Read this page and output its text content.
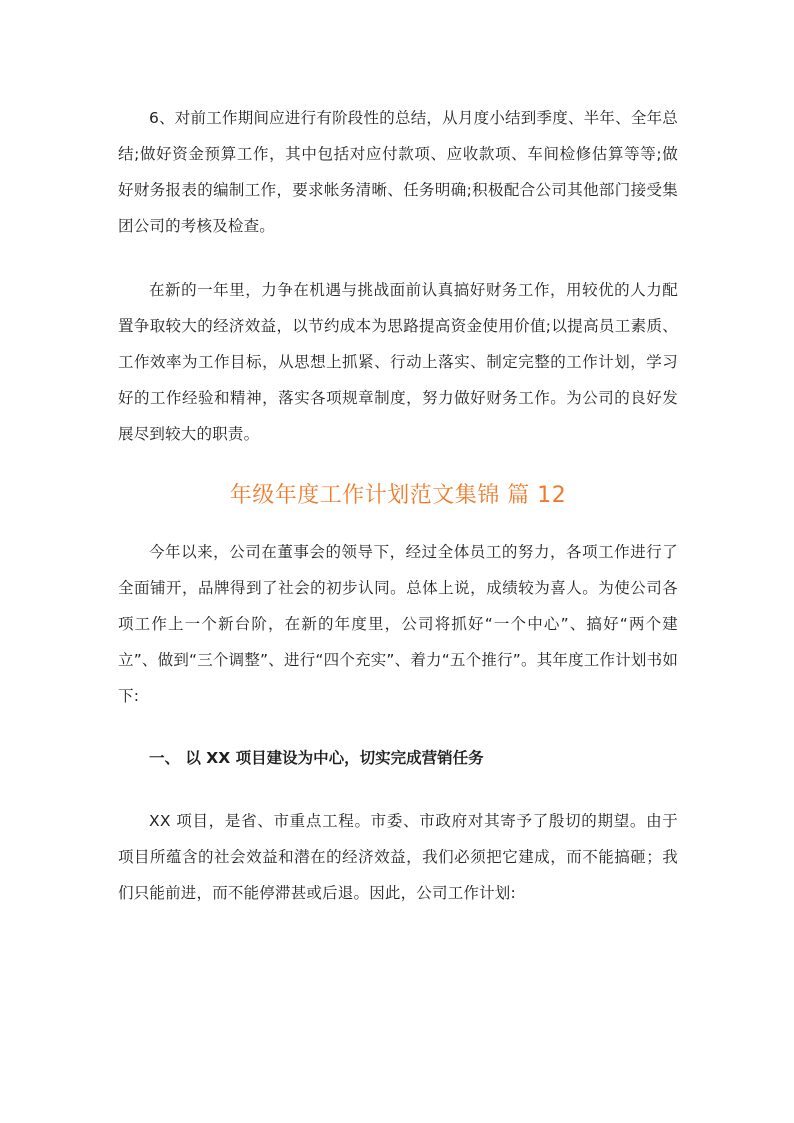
6、对前工作期间应进行有阶段性的总结，从月度小结到季度、半年、全年总结;做好资金预算工作，其中包括对应付款项、应收款项、车间检修估算等等;做好财务报表的编制工作，要求帐务清晰、任务明确;积极配合公司其他部门接受集团公司的考核及检查。

在新的一年里，力争在机遇与挑战面前认真搞好财务工作，用较优的人力配置争取较大的经济效益，以节约成本为思路提高资金使用价值;以提高员工素质、工作效率为工作目标，从思想上抓紧、行动上落实、制定完整的工作计划，学习好的工作经验和精神，落实各项规章制度，努力做好财务工作。为公司的良好发展尽到较大的职责。

年级年度工作计划范文集锦 篇 12

今年以来，公司在董事会的领导下，经过全体员工的努力，各项工作进行了全面铺开，品牌得到了社会的初步认同。总体上说，成绩较为喜人。为使公司各项工作上一个新台阶，在新的年度里，公司将抓好“一个中心”、搞好“两个建立”、做到“三个调整”、进行“四个充实”、着力“五个推行”。其年度工作计划书如下:

一、 以 XX 项目建设为中心，切实完成营销任务

XX 项目，是省、市重点工程。市委、市政府对其寄予了殷切的期望。由于项目所蕴含的社会效益和潜在的经济效益，我们必须把它建成，而不能搞砸；我们只能前进，而不能停滞甚或后退。因此，公司工作计划:
